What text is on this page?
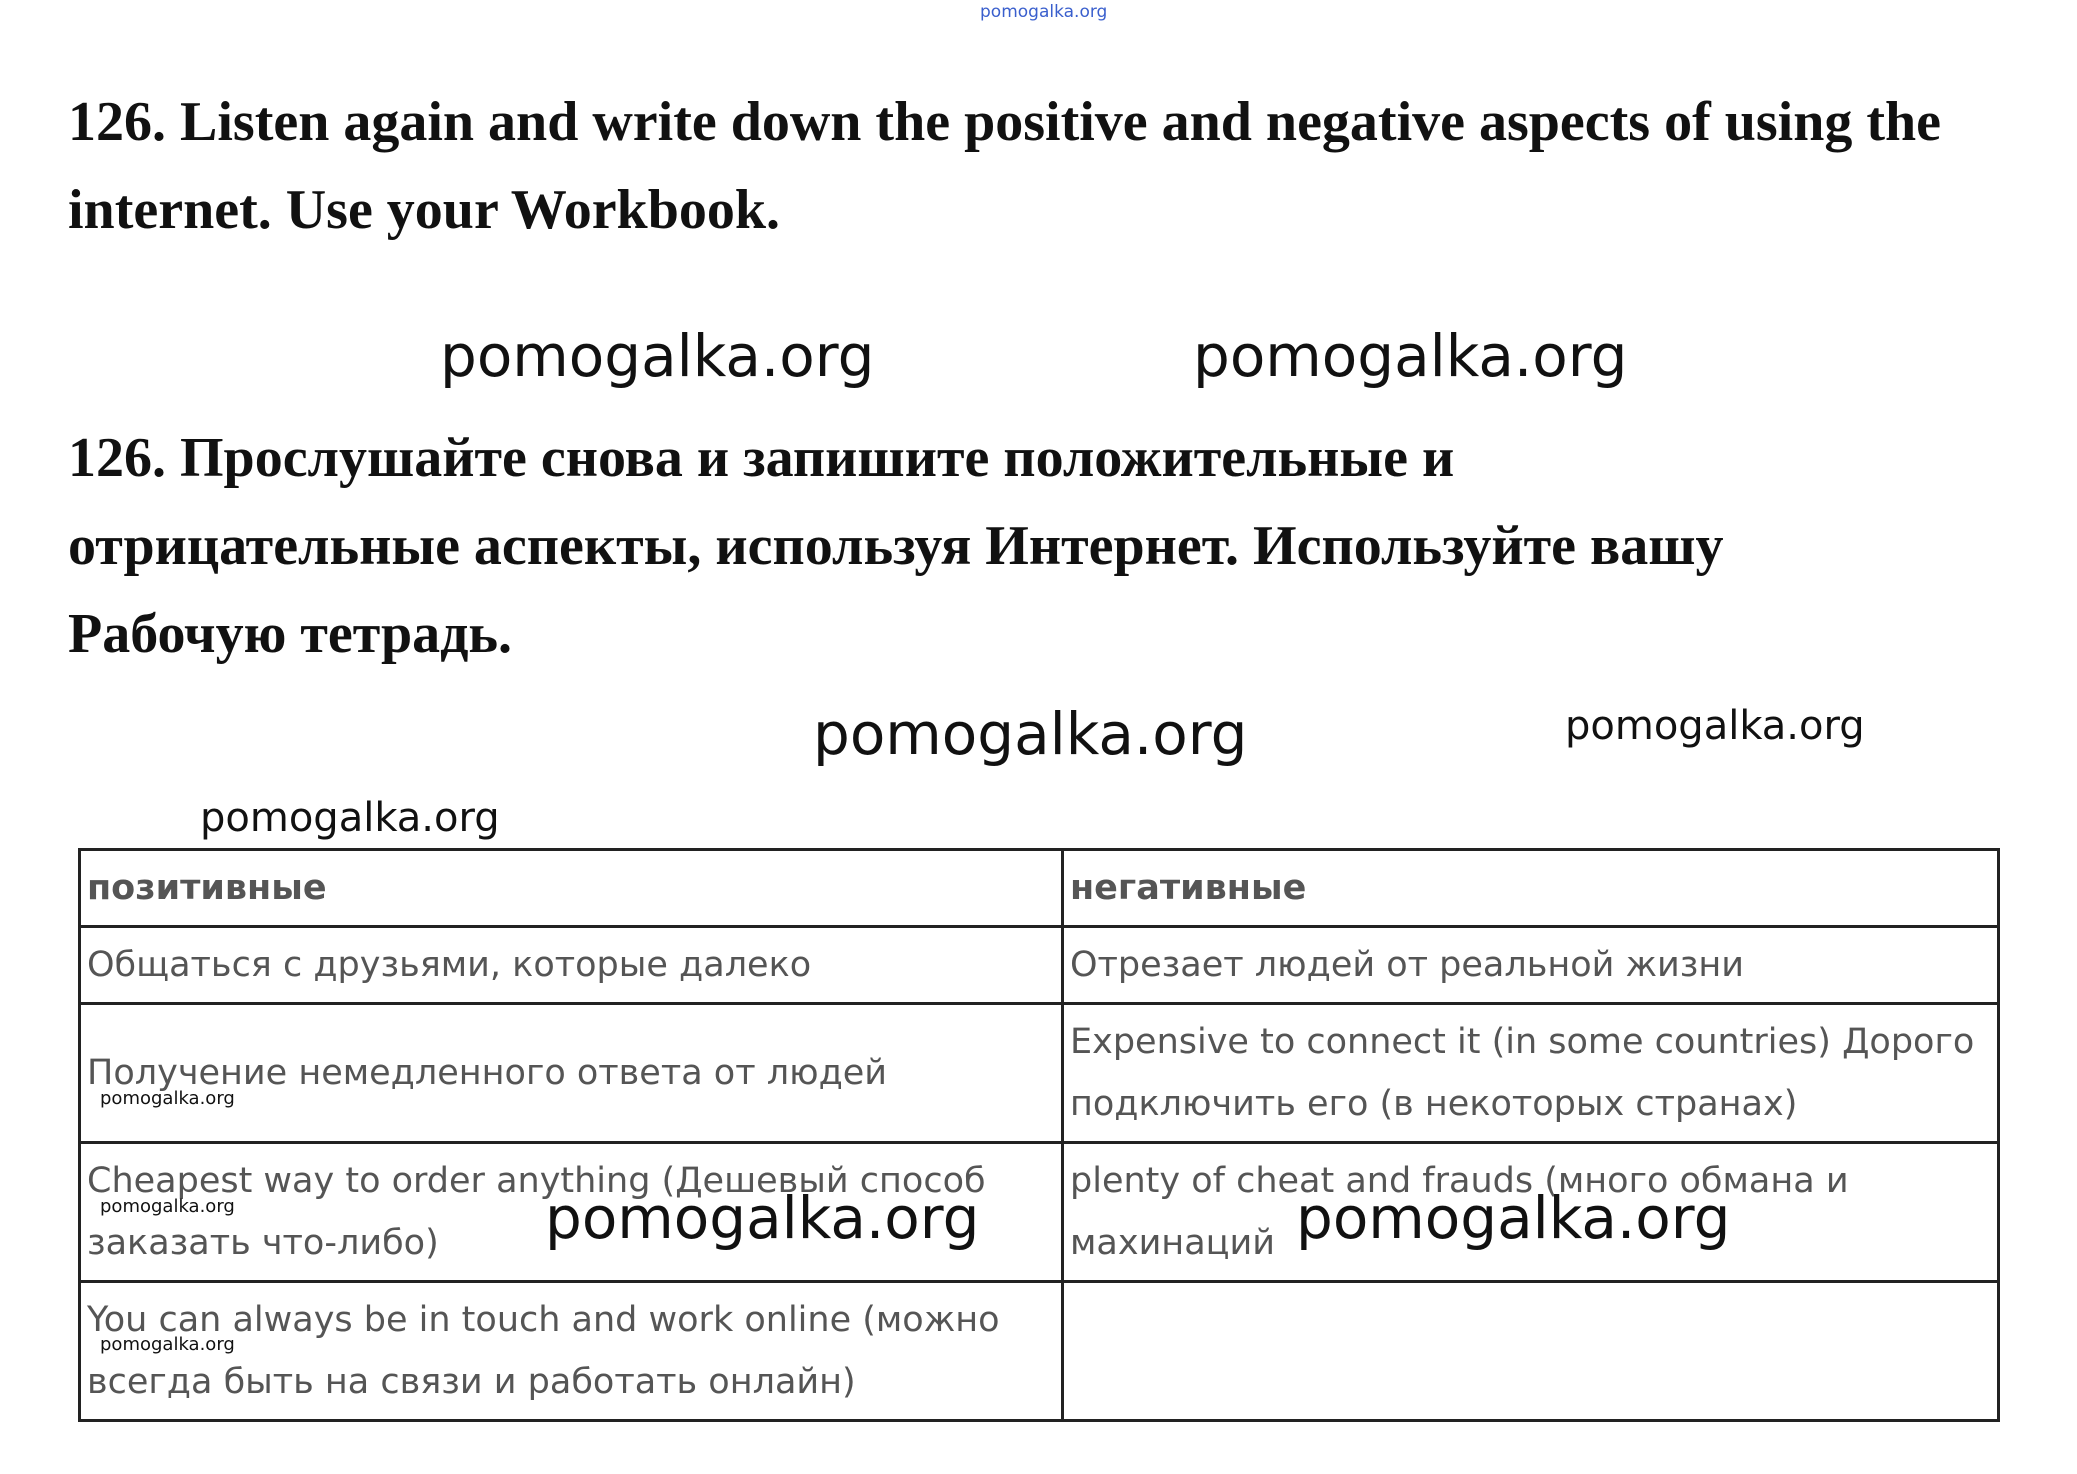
pomogalka.org

126. Listen again and write down the positive and negative aspects of using the internet. Use your Workbook.

pomogalka.org	pomogalka.org

126. Прослушайте снова и запишите положительные и отрицательные аспекты, используя Интернет. Используйте вашу Рабочую тетрадь.

pomogalka.org	pomogalka.org
pomogalka.org
позитивные	негативные
Общаться с друзьями, которые далеко	Отрезает людей от реальной жизни
Получение немедленного ответа от людей	Expensive to connect it (in some countries) Дорого подключить его (в некоторых странах)
Cheapest way to order anything (Дешевый способ заказать что-либо)	plenty of cheat and frauds (много обмана и махинаций
You can always be in touch and work online (можно всегда быть на связи и работать онлайн)	
pomogalka.org
pomogalka.org	pomogalka.org	pomogalka.org
pomogalka.org
